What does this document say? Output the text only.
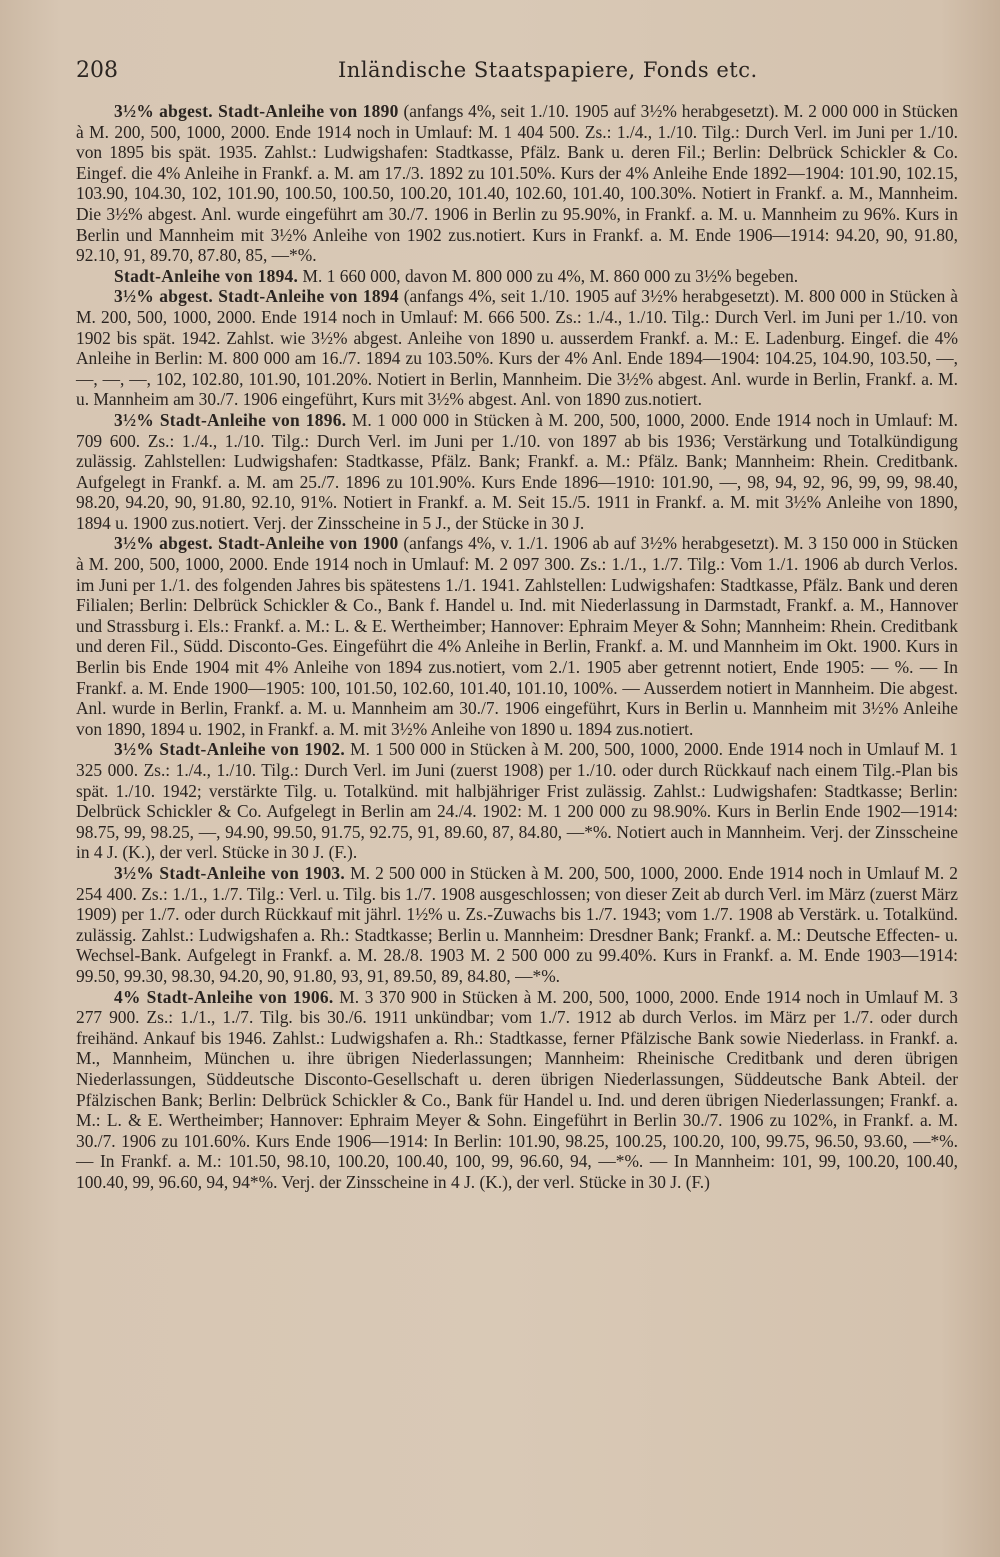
208	Inländische Staatspapiere, Fonds etc.

3½% abgest. Stadt-Anleihe von 1890 (anfangs 4%, seit 1./10. 1905 auf 3½% herabgesetzt). M. 2 000 000 in Stücken à M. 200, 500, 1000, 2000. Ende 1914 noch in Umlauf: M. 1 404 500. Zs.: 1./4., 1./10. Tilg.: Durch Verl. im Juni per 1./10. von 1895 bis spät. 1935. Zahlst.: Ludwigshafen: Stadtkasse, Pfälz. Bank u. deren Fil.; Berlin: Delbrück Schickler & Co. Eingef. die 4% Anleihe in Frankf. a. M. am 17./3. 1892 zu 101.50%. Kurs der 4% Anleihe Ende 1892—1904: 101.90, 102.15, 103.90, 104.30, 102, 101.90, 100.50, 100.50, 100.20, 101.40, 102.60, 101.40, 100.30%. Notiert in Frankf. a. M., Mannheim. Die 3½% abgest. Anl. wurde eingeführt am 30./7. 1906 in Berlin zu 95.90%, in Frankf. a. M. u. Mannheim zu 96%. Kurs in Berlin und Mannheim mit 3½% Anleihe von 1902 zus.notiert. Kurs in Frankf. a. M. Ende 1906—1914: 94.20, 90, 91.80, 92.10, 91, 89.70, 87.80, 85, —*%.

Stadt-Anleihe von 1894. M. 1 660 000, davon M. 800 000 zu 4%, M. 860 000 zu 3½% begeben.

3½% abgest. Stadt-Anleihe von 1894 (anfangs 4%, seit 1./10. 1905 auf 3½% herabgesetzt). M. 800 000 in Stücken à M. 200, 500, 1000, 2000. Ende 1914 noch in Umlauf: M. 666 500. Zs.: 1./4., 1./10. Tilg.: Durch Verl. im Juni per 1./10. von 1902 bis spät. 1942. Zahlst. wie 3½% abgest. Anleihe von 1890 u. ausserdem Frankf. a. M.: E. Ladenburg. Eingef. die 4% Anleihe in Berlin: M. 800 000 am 16./7. 1894 zu 103.50%. Kurs der 4% Anl. Ende 1894—1904: 104.25, 104.90, 103.50, —, —, —, —, 102, 102.80, 101.90, 101.20%. Notiert in Berlin, Mannheim. Die 3½% abgest. Anl. wurde in Berlin, Frankf. a. M. u. Mannheim am 30./7. 1906 eingeführt, Kurs mit 3½% abgest. Anl. von 1890 zus.notiert.

3½% Stadt-Anleihe von 1896. M. 1 000 000 in Stücken à M. 200, 500, 1000, 2000. Ende 1914 noch in Umlauf: M. 709 600. Zs.: 1./4., 1./10. Tilg.: Durch Verl. im Juni per 1./10. von 1897 ab bis 1936; Verstärkung und Totalkündigung zulässig. Zahlstellen: Ludwigshafen: Stadtkasse, Pfälz. Bank; Frankf. a. M.: Pfälz. Bank; Mannheim: Rhein. Creditbank. Aufgelegt in Frankf. a. M. am 25./7. 1896 zu 101.90%. Kurs Ende 1896—1910: 101.90, —, 98, 94, 92, 96, 99, 99, 98.40, 98.20, 94.20, 90, 91.80, 92.10, 91%. Notiert in Frankf. a. M. Seit 15./5. 1911 in Frankf. a. M. mit 3½% Anleihe von 1890, 1894 u. 1900 zus.notiert. Verj. der Zinsscheine in 5 J., der Stücke in 30 J.

3½% abgest. Stadt-Anleihe von 1900 (anfangs 4%, v. 1./1. 1906 ab auf 3½% herabgesetzt). M. 3 150 000 in Stücken à M. 200, 500, 1000, 2000. Ende 1914 noch in Umlauf: M. 2 097 300. Zs.: 1./1., 1./7. Tilg.: Vom 1./1. 1906 ab durch Verlos. im Juni per 1./1. des folgenden Jahres bis spätestens 1./1. 1941. Zahlstellen: Ludwigshafen: Stadtkasse, Pfälz. Bank und deren Filialen; Berlin: Delbrück Schickler & Co., Bank f. Handel u. Ind. mit Niederlassung in Darmstadt, Frankf. a. M., Hannover und Strassburg i. Els.: Frankf. a. M.: L. & E. Wertheimber; Hannover: Ephraim Meyer & Sohn; Mannheim: Rhein. Creditbank und deren Fil., Südd. Disconto-Ges. Eingeführt die 4% Anleihe in Berlin, Frankf. a. M. und Mannheim im Okt. 1900. Kurs in Berlin bis Ende 1904 mit 4% Anleihe von 1894 zus.notiert, vom 2./1. 1905 aber getrennt notiert, Ende 1905: — %. — In Frankf. a. M. Ende 1900—1905: 100, 101.50, 102.60, 101.40, 101.10, 100%. — Ausserdem notiert in Mannheim. Die abgest. Anl. wurde in Berlin, Frankf. a. M. u. Mannheim am 30./7. 1906 eingeführt, Kurs in Berlin u. Mannheim mit 3½% Anleihe von 1890, 1894 u. 1902, in Frankf. a. M. mit 3½% Anleihe von 1890 u. 1894 zus.notiert.

3½% Stadt-Anleihe von 1902. M. 1 500 000 in Stücken à M. 200, 500, 1000, 2000. Ende 1914 noch in Umlauf M. 1 325 000. Zs.: 1./4., 1./10. Tilg.: Durch Verl. im Juni (zuerst 1908) per 1./10. oder durch Rückkauf nach einem Tilg.-Plan bis spät. 1./10. 1942; verstärkte Tilg. u. Totalkünd. mit halbjähriger Frist zulässig. Zahlst.: Ludwigshafen: Stadtkasse; Berlin: Delbrück Schickler & Co. Aufgelegt in Berlin am 24./4. 1902: M. 1 200 000 zu 98.90%. Kurs in Berlin Ende 1902—1914: 98.75, 99, 98.25, —, 94.90, 99.50, 91.75, 92.75, 91, 89.60, 87, 84.80, —*%. Notiert auch in Mannheim. Verj. der Zinsscheine in 4 J. (K.), der verl. Stücke in 30 J. (F.).

3½% Stadt-Anleihe von 1903. M. 2 500 000 in Stücken à M. 200, 500, 1000, 2000. Ende 1914 noch in Umlauf M. 2 254 400. Zs.: 1./1., 1./7. Tilg.: Verl. u. Tilg. bis 1./7. 1908 ausgeschlossen; von dieser Zeit ab durch Verl. im März (zuerst März 1909) per 1./7. oder durch Rückkauf mit jährl. 1½% u. Zs.-Zuwachs bis 1./7. 1943; vom 1./7. 1908 ab Verstärk. u. Totalkünd. zulässig. Zahlst.: Ludwigshafen a. Rh.: Stadtkasse; Berlin u. Mannheim: Dresdner Bank; Frankf. a. M.: Deutsche Effecten- u. Wechsel-Bank. Aufgelegt in Frankf. a. M. 28./8. 1903 M. 2 500 000 zu 99.40%. Kurs in Frankf. a. M. Ende 1903—1914: 99.50, 99.30, 98.30, 94.20, 90, 91.80, 93, 91, 89.50, 89, 84.80, —*%.

4% Stadt-Anleihe von 1906. M. 3 370 900 in Stücken à M. 200, 500, 1000, 2000. Ende 1914 noch in Umlauf M. 3 277 900. Zs.: 1./1., 1./7. Tilg. bis 30./6. 1911 unkündbar; vom 1./7. 1912 ab durch Verlos. im März per 1./7. oder durch freihänd. Ankauf bis 1946. Zahlst.: Ludwigshafen a. Rh.: Stadtkasse, ferner Pfälzische Bank sowie Niederlass. in Frankf. a. M., Mannheim, München u. ihre übrigen Niederlassungen; Mannheim: Rheinische Creditbank und deren übrigen Niederlassungen, Süddeutsche Disconto-Gesellschaft u. deren übrigen Niederlassungen, Süddeutsche Bank Abteil. der Pfälzischen Bank; Berlin: Delbrück Schickler & Co., Bank für Handel u. Ind. und deren übrigen Niederlassungen; Frankf. a. M.: L. & E. Wertheimber; Hannover: Ephraim Meyer & Sohn. Eingeführt in Berlin 30./7. 1906 zu 102%, in Frankf. a. M. 30./7. 1906 zu 101.60%. Kurs Ende 1906—1914: In Berlin: 101.90, 98.25, 100.25, 100.20, 100, 99.75, 96.50, 93.60, —*%. — In Frankf. a. M.: 101.50, 98.10, 100.20, 100.40, 100, 99, 96.60, 94, —*%. — In Mannheim: 101, 99, 100.20, 100.40, 100.40, 99, 96.60, 94, 94*%. Verj. der Zinsscheine in 4 J. (K.), der verl. Stücke in 30 J. (F.)
